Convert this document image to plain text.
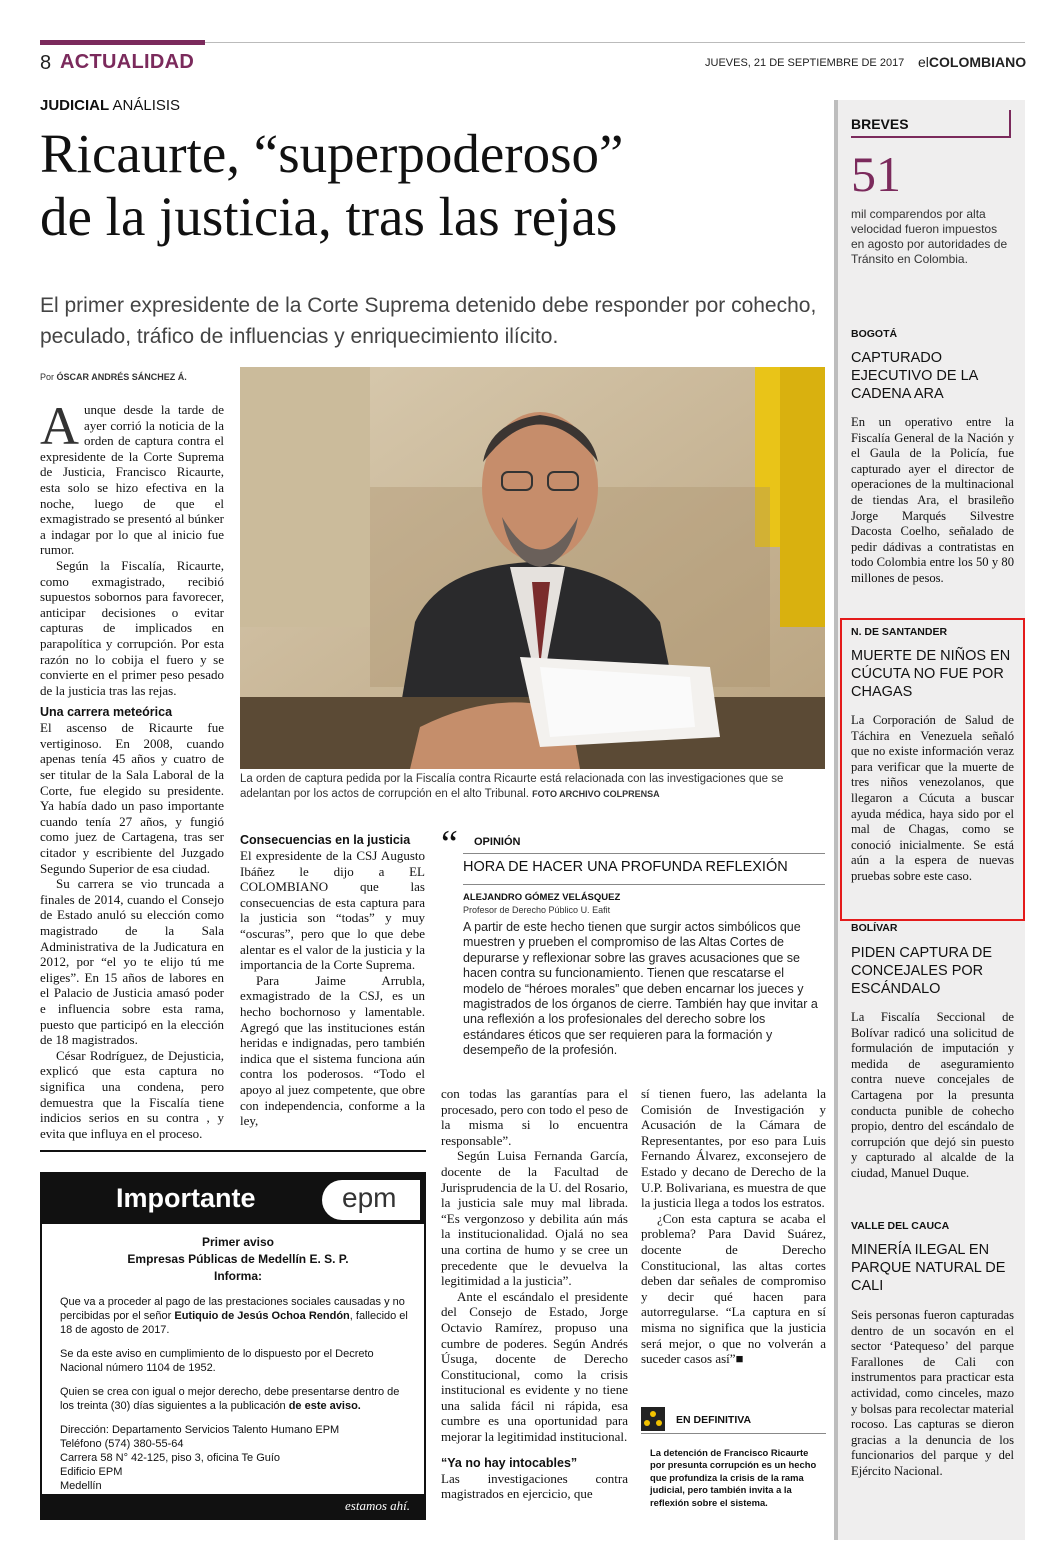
8 ACTUALIDAD	JUEVES, 21 DE SEPTIEMBRE DE 2017 elCOLOMBIANO
JUDICIAL ANÁLISIS
Ricaurte, “superpoderoso”
de la justicia, tras las rejas

El primer expresidente de la Corte Suprema detenido debe responder por cohecho, peculado, tráfico de influencias y enriquecimiento ilícito.

Por ÓSCAR ANDRÉS SÁNCHEZ Á.

Aunque desde la tarde de ayer corrió la noticia de la orden de captura contra el expresidente de la Corte Suprema de Justicia, Francisco Ricaurte, esta solo se hizo efectiva en la noche, luego de que el exmagistrado se presentó al búnker a indagar por lo que al inicio fue rumor.

Según la Fiscalía, Ricaurte, como exmagistrado, recibió supuestos sobornos para favorecer, anticipar decisiones o evitar capturas de implicados en parapolítica y corrupción. Por esta razón no lo cobija el fuero y se convierte en el primer peso pesado de la justicia tras las rejas.

Una carrera meteórica

El ascenso de Ricaurte fue vertiginoso. En 2008, cuando apenas tenía 45 años y cuatro de ser titular de la Sala Laboral de la Corte, fue elegido su presidente. Ya había dado un paso importante cuando tenía 27 años, y fungió como juez de Cartagena, tras ser citador y escribiente del Juzgado Segundo Superior de esa ciudad.

Su carrera se vio truncada a finales de 2014, cuando el Consejo de Estado anuló su elección como magistrado de la Sala Administrativa de la Judicatura en 2012, por “el yo te elijo tú me eliges”. En 15 años de labores en el Palacio de Justicia amasó poder e influencia sobre esta rama, puesto que participó en la elección de 18 magistrados.

César Rodríguez, de Dejusticia, explicó que esta captura no significa una condena, pero demuestra que la Fiscalía tiene indicios serios en su contra , y evita que influya en el proceso.

La orden de captura pedida por la Fiscalía contra Ricaurte está relacionada con las investigaciones que se adelantan por los actos de corrupción en el alto Tribunal. FOTO ARCHIVO COLPRENSA

Consecuencias en la justicia

El expresidente de la CSJ Augusto Ibáñez le dijo a EL COLOMBIANO que las consecuencias de esta captura para la justicia son “todas” y muy “oscuras”, pero que lo que debe alentar es el valor de la justicia y la importancia de la Corte Suprema.

Para Jaime Arrubla, exmagistrado de la CSJ, es un hecho bochornoso y lamentable. Agregó que las instituciones están heridas e indignadas, pero también indica que el sistema funciona aún contra los poderosos. “Todo el apoyo al juez competente, que obre con independencia, conforme a la ley,

“	OPINIÓN
HORA DE HACER UNA PROFUNDA REFLEXIÓN
ALEJANDRO GÓMEZ VELÁSQUEZ
Profesor de Derecho Público U. Eafit

A partir de este hecho tienen que surgir actos simbólicos que muestren y prueben el compromiso de las Altas Cortes de depurarse y reflexionar sobre las graves acusaciones que se hacen contra su funcionamiento. Tienen que rescatarse el modelo de “héroes morales” que deben encarnar los jueces y magistrados de los órganos de cierre. También hay que invitar a una reflexión a los profesionales del derecho sobre los estándares éticos que ser requieren para la formación y desempeño de la profesión.

con todas las garantías para el procesado, pero con todo el peso de la misma si lo encuentra responsable”.

Según Luisa Fernanda García, docente de la Facultad de Jurisprudencia de la U. del Rosario, la justicia sale muy mal librada. “Es vergonzoso y debilita aún más la institucionalidad. Ojalá no sea una cortina de humo y se cree un precedente que le devuelva la legitimidad a la justicia”.

Ante el escándalo el presidente del Consejo de Estado, Jorge Octavio Ramírez, propuso una cumbre de poderes. Según Andrés Úsuga, docente de Derecho Constitucional, como la crisis institucional es evidente y no tiene una salida fácil ni rápida, esa cumbre es una oportunidad para mejorar la legitimidad institucional.

“Ya no hay intocables”

Las investigaciones contra magistrados en ejercicio, que

sí tienen fuero, las adelanta la Comisión de Investigación y Acusación de la Cámara de Representantes, por eso para Luis Fernando Álvarez, exconsejero de Estado y decano de Derecho de la U.P. Bolivariana, es muestra de que la justicia llega a todos los estratos.

¿Con esta captura se acaba el problema? Para David Suárez, docente de Derecho Constitucional, las altas cortes deben dar señales de compromiso y decir qué hacen para autorregularse. “La captura en sí misma no significa que la justicia será mejor, o que no volverán a suceder casos así”■

EN DEFINITIVA

La detención de Francisco Ricaurte por presunta corrupción es un hecho que profundiza la crisis de la rama judicial, pero también invita a la reflexión sobre el sistema.

Importante	epm

Primer aviso

Empresas Públicas de Medellín E. S. P.

Informa:

Que va a proceder al pago de las prestaciones sociales causadas y no percibidas por el señor Eutiquio de Jesús Ochoa Rendón, fallecido el 18 de agosto de 2017.

Se da este aviso en cumplimiento de lo dispuesto por el Decreto Nacional número 1104 de 1952.

Quien se crea con igual o mejor derecho, debe presentarse dentro de los treinta (30) días siguientes a la publicación de este aviso.

Dirección: Departamento Servicios Talento Humano EPM

Teléfono (574) 380-55-64

Carrera 58 N° 42-125, piso 3, oficina Te Guío

Edificio EPM

Medellín

estamos ahí.
BREVES
51

mil comparendos por alta velocidad fueron impuestos en agosto por autoridades de Tránsito en Colombia.

BOGOTÁ
CAPTURADO EJECUTIVO DE LA CADENA ARA

En un operativo entre la Fiscalía General de la Nación y el Gaula de la Policía, fue capturado ayer el director de operaciones de la multinacional de tiendas Ara, el brasileño Jorge Marqués Silvestre Dacosta Coelho, señalado de pedir dádivas a contratistas en todo Colombia entre los 50 y 80 millones de pesos.

N. DE SANTANDER
MUERTE DE NIÑOS EN CÚCUTA NO FUE POR CHAGAS

La Corporación de Salud de Táchira en Venezuela señaló que no existe información veraz para verificar que la muerte de tres niños venezolanos, que llegaron a Cúcuta a buscar ayuda médica, haya sido por el mal de Chagas, como se conoció inicialmente. Se está aún a la espera de nuevas pruebas sobre este caso.

BOLÍVAR
PIDEN CAPTURA DE CONCEJALES POR ESCÁNDALO

La Fiscalía Seccional de Bolívar radicó una solicitud de formulación de imputación y medida de aseguramiento contra nueve concejales de Cartagena por la presunta conducta punible de cohecho propio, dentro del escándalo de corrupción que dejó sin puesto y capturado al alcalde de la ciudad, Manuel Duque.

VALLE DEL CAUCA
MINERÍA ILEGAL EN PARQUE NATURAL DE CALI

Seis personas fueron capturadas dentro de un socavón en el sector ‘Patequeso’ del parque Farallones de Cali con instrumentos para practicar esta actividad, como cinceles, mazo y bolsas para recolectar material rocoso. Las capturas se dieron gracias a la denuncia de los funcionarios del parque y del Ejército Nacional.
